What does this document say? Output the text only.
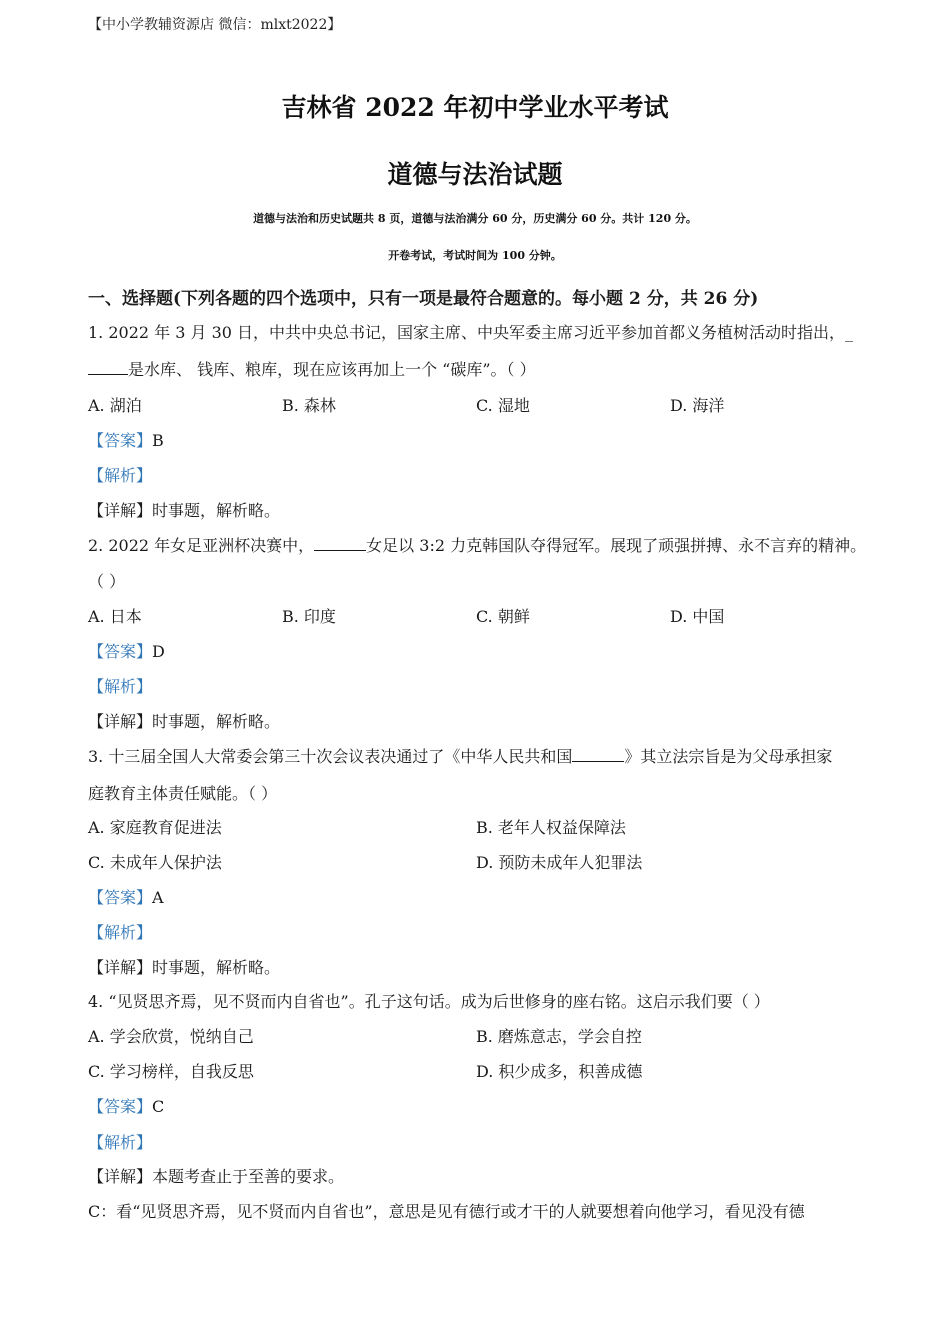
【中小学教辅资源店 微信：mlxt2022】
吉林省 2022 年初中学业水平考试
道德与法治试题
道德与法治和历史试题共 8 页，道德与法治满分 60 分，历史满分 60 分。共计 120 分。
开卷考试，考试时间为 100 分钟。
一、选择题(下列各题的四个选项中，只有一项是最符合题意的。每小题 2 分，共 26 分)
1. 2022 年 3 月 30 日，中共中央总书记，国家主席、中央军委主席习近平参加首都义务植树活动时指出，_
是水库、 钱库、粮库，现在应该再加上一个 “碳库”。（ ）
A. 湖泊	B. 森林	C. 湿地	D. 海洋
【答案】B
【解析】
【详解】时事题，解析略。
2. 2022 年女足亚洲杯决赛中，	女足以 3:2 力克韩国队夺得冠军。展现了顽强拼搏、永不言弃的精神。
（ ）
A. 日本	B. 印度	C. 朝鲜	D. 中国
【答案】D
【解析】
【详解】时事题，解析略。
3. 十三届全国人大常委会第三十次会议表决通过了《中华人民共和国	》其立法宗旨是为父母承担家
庭教育主体责任赋能。（ ）
A. 家庭教育促进法	B. 老年人权益保障法
C. 未成年人保护法	D. 预防未成年人犯罪法
【答案】A
【解析】
【详解】时事题，解析略。
4. “见贤思齐焉，见不贤而内自省也”。孔子这句话。成为后世修身的座右铭。这启示我们要（ ）
A. 学会欣赏，悦纳自己	B. 磨炼意志，学会自控
C. 学习榜样，自我反思	D. 积少成多，积善成德
【答案】C
【解析】
【详解】本题考查止于至善的要求。
C：看“见贤思齐焉，见不贤而内自省也”，意思是见有德行或才干的人就要想着向他学习，看见没有德
